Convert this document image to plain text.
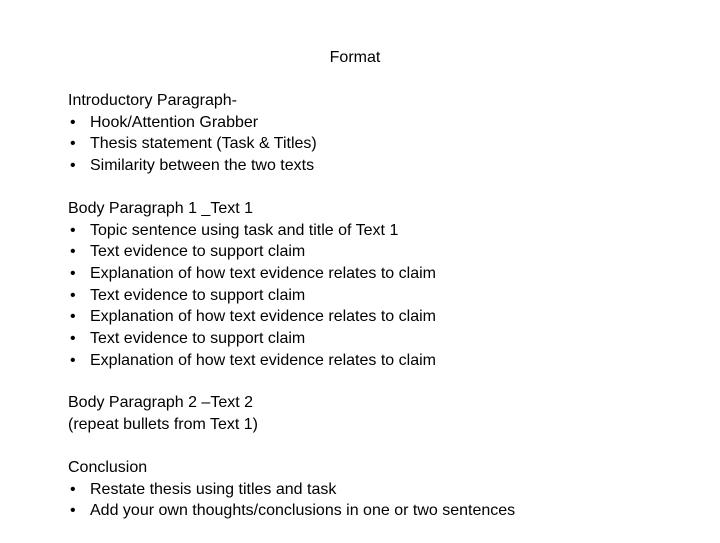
Format
Introductory Paragraph-
• Hook/Attention Grabber
• Thesis statement (Task & Titles)
• Similarity between the two texts
Body Paragraph 1 _Text 1
• Topic sentence using task and title of Text 1
• Text evidence to support claim
• Explanation of how text evidence relates to claim
• Text evidence to support claim
• Explanation of how text evidence relates to claim
• Text evidence to support claim
• Explanation of how text evidence relates to claim
Body Paragraph 2 –Text 2
(repeat bullets from Text 1)
Conclusion
• Restate thesis using titles and task
• Add your own thoughts/conclusions in one or two sentences
